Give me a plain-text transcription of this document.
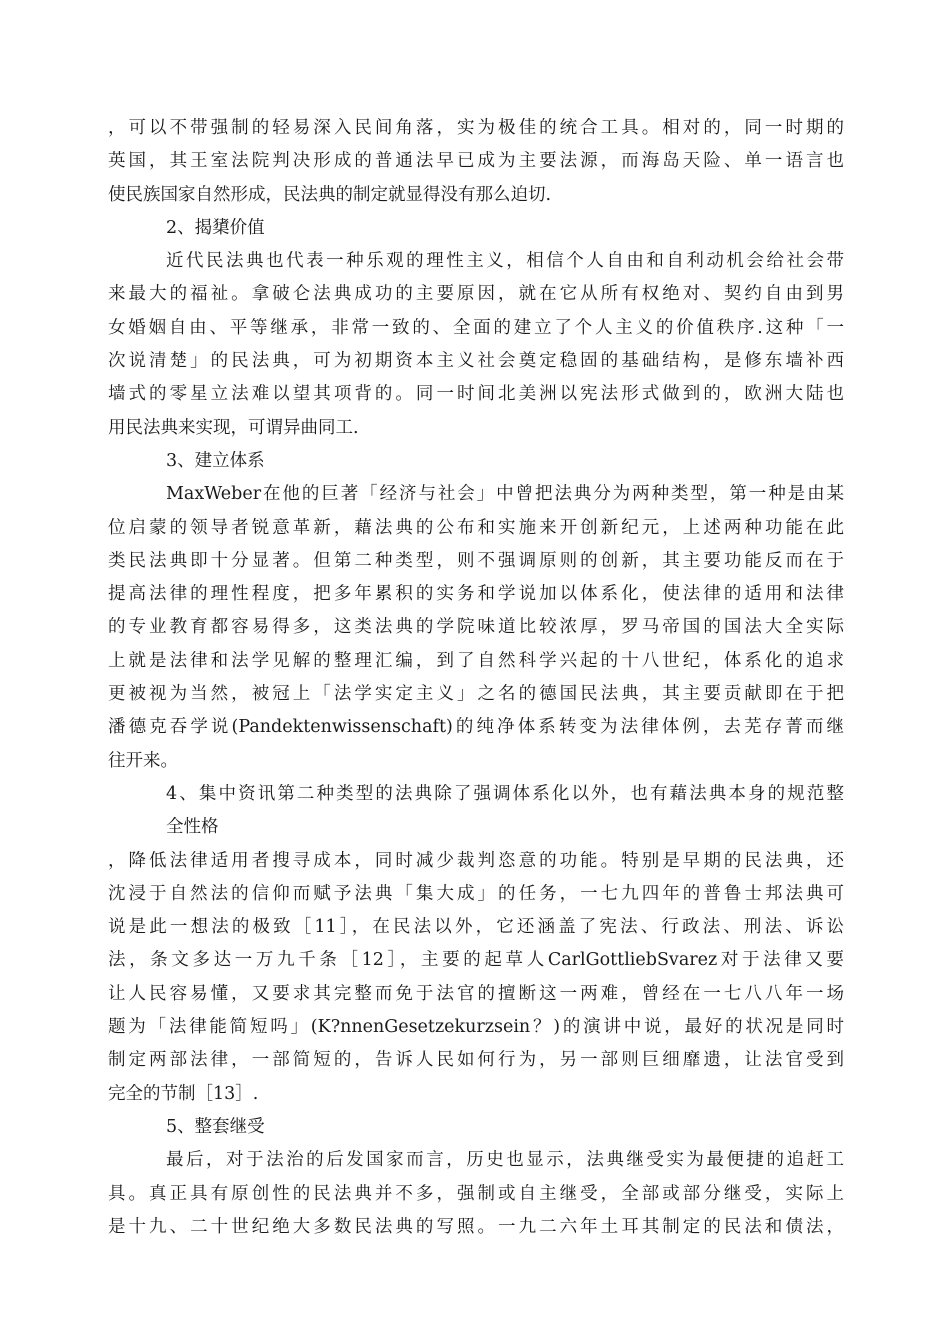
，可以不带强制的轻易深入民间角落，实为极佳的统合工具。相对的，同一时期的
英国，其王室法院判决形成的普通法早已成为主要法源，而海岛天险、单一语言也
使民族国家自然形成，民法典的制定就显得没有那么迫切.
2、揭橥价值
近代民法典也代表一种乐观的理性主义，相信个人自由和自利动机会给社会带
来最大的福祉。拿破仑法典成功的主要原因，就在它从所有权绝对、契约自由到男
女婚姻自由、平等继承，非常一致的、全面的建立了个人主义的价值秩序.这种「一
次说清楚」的民法典，可为初期资本主义社会奠定稳固的基础结构，是修东墙补西
墙式的零星立法难以望其项背的。同一时间北美洲以宪法形式做到的，欧洲大陆也
用民法典来实现，可谓异曲同工.
3、建立体系
MaxWeber在他的巨著「经济与社会」中曾把法典分为两种类型，第一种是由某
位启蒙的领导者锐意革新，藉法典的公布和实施来开创新纪元，上述两种功能在此
类民法典即十分显著。但第二种类型，则不强调原则的创新，其主要功能反而在于
提高法律的理性程度，把多年累积的实务和学说加以体系化，使法律的适用和法律
的专业教育都容易得多，这类法典的学院味道比较浓厚，罗马帝国的国法大全实际
上就是法律和法学见解的整理汇编，到了自然科学兴起的十八世纪，体系化的追求
更被视为当然，被冠上「法学实定主义」之名的德国民法典，其主要贡献即在于把
潘德克吞学说(Pandektenwissenschaft)的纯净体系转变为法律体例，去芜存菁而继
往开来。
4、集中资讯第二种类型的法典除了强调体系化以外，也有藉法典本身的规范整
全性格
，降低法律适用者搜寻成本，同时减少裁判恣意的功能。特别是早期的民法典，还
沈浸于自然法的信仰而赋予法典「集大成」的任务，一七九四年的普鲁士邦法典可
说是此一想法的极致［11］，在民法以外，它还涵盖了宪法、行政法、刑法、诉讼
法，条文多达一万九千条［12］，主要的起草人CarlGottliebSvarez对于法律又要
让人民容易懂，又要求其完整而免于法官的擅断这一两难，曾经在一七八八年一场
题为「法律能简短吗」(K?nnenGesetzekurzsein？)的演讲中说，最好的状况是同时
制定两部法律，一部简短的，告诉人民如何行为，另一部则巨细靡遗，让法官受到
完全的节制［13］.
5、整套继受
最后，对于法治的后发国家而言，历史也显示，法典继受实为最便捷的追赶工
具。真正具有原创性的民法典并不多，强制或自主继受，全部或部分继受，实际上
是十九、二十世纪绝大多数民法典的写照。一九二六年土耳其制定的民法和债法，
